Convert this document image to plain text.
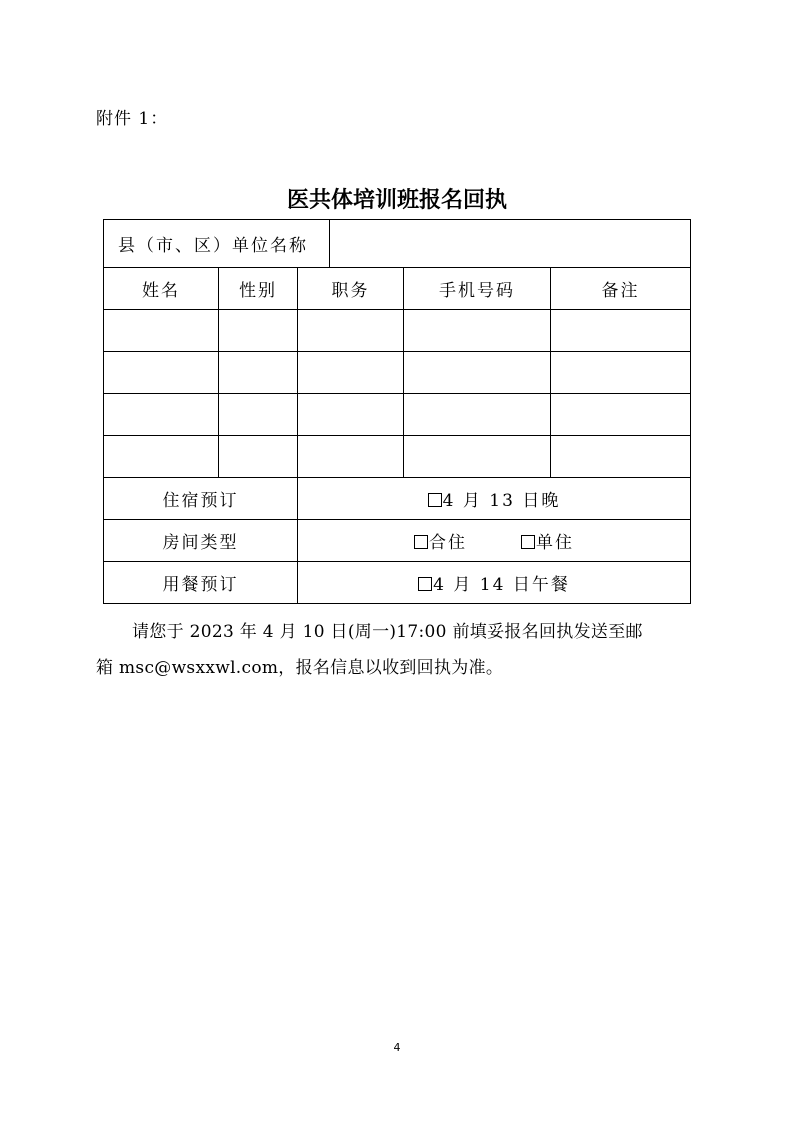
附件 1：
医共体培训班报名回执
县（市、区）单位名称					
姓名	性别	职务		手机号码	备注

住宿预订		4 月 13 日晚			
房间类型		合住 单住			
用餐预订		4 月 14 日午餐			
请您于 2023 年 4 月 10 日(周一)17:00 前填妥报名回执发送至邮
箱 msc@wsxxwl.com，报名信息以收到回执为准。
4
